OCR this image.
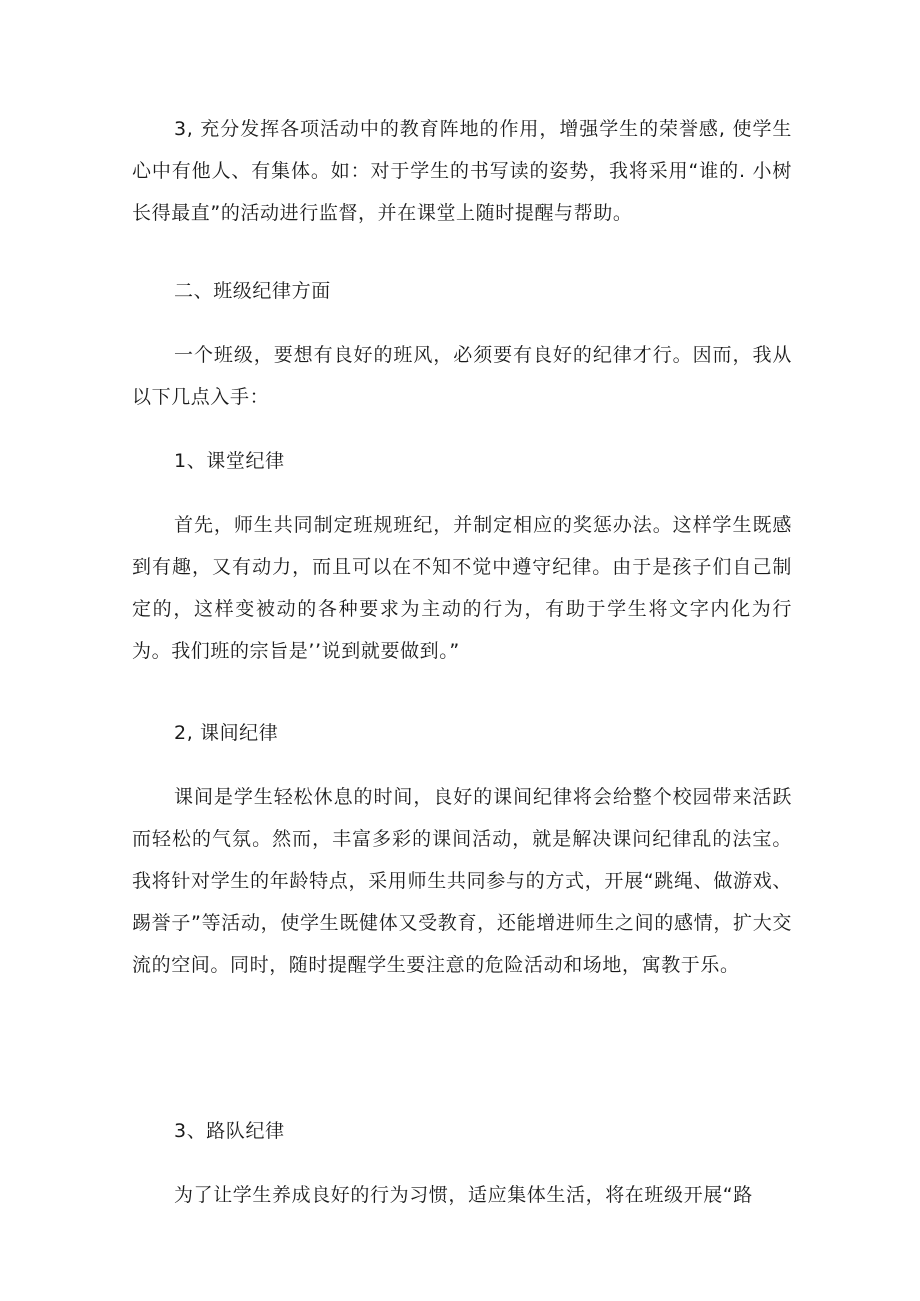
3, 充分发挥各项活动中的教育阵地的作用，增强学生的荣誉感, 使学生心中有他人、有集体。如：对于学生的书写读的姿势，我将采用“谁的. 小树长得最直”的活动进行监督，并在课堂上随时提醒与帮助。

二、班级纪律方面

一个班级，要想有良好的班风，必须要有良好的纪律才行。因而，我从以下几点入手：

1、课堂纪律

首先，师生共同制定班规班纪，并制定相应的奖惩办法。这样学生既感到有趣，又有动力，而且可以在不知不觉中遵守纪律。由于是孩子们自己制定的，这样变被动的各种要求为主动的行为，有助于学生将文字内化为行为。我们班的宗旨是’’说到就要做到。”

2, 课间纪律

课间是学生轻松休息的时间，良好的课间纪律将会给整个校园带来活跃而轻松的气氛。然而，丰富多彩的课间活动，就是解决课问纪律乱的法宝。我将针对学生的年龄特点，采用师生共同参与的方式，开展“跳绳、做游戏、踢誉子”等活动，使学生既健体又受教育，还能增进师生之间的感情，扩大交流的空间。同时，随时提醒学生要注意的危险活动和场地，寓教于乐。

3、路队纪律

为了让学生养成良好的行为习惯，适应集体生活，将在班级开展“路
